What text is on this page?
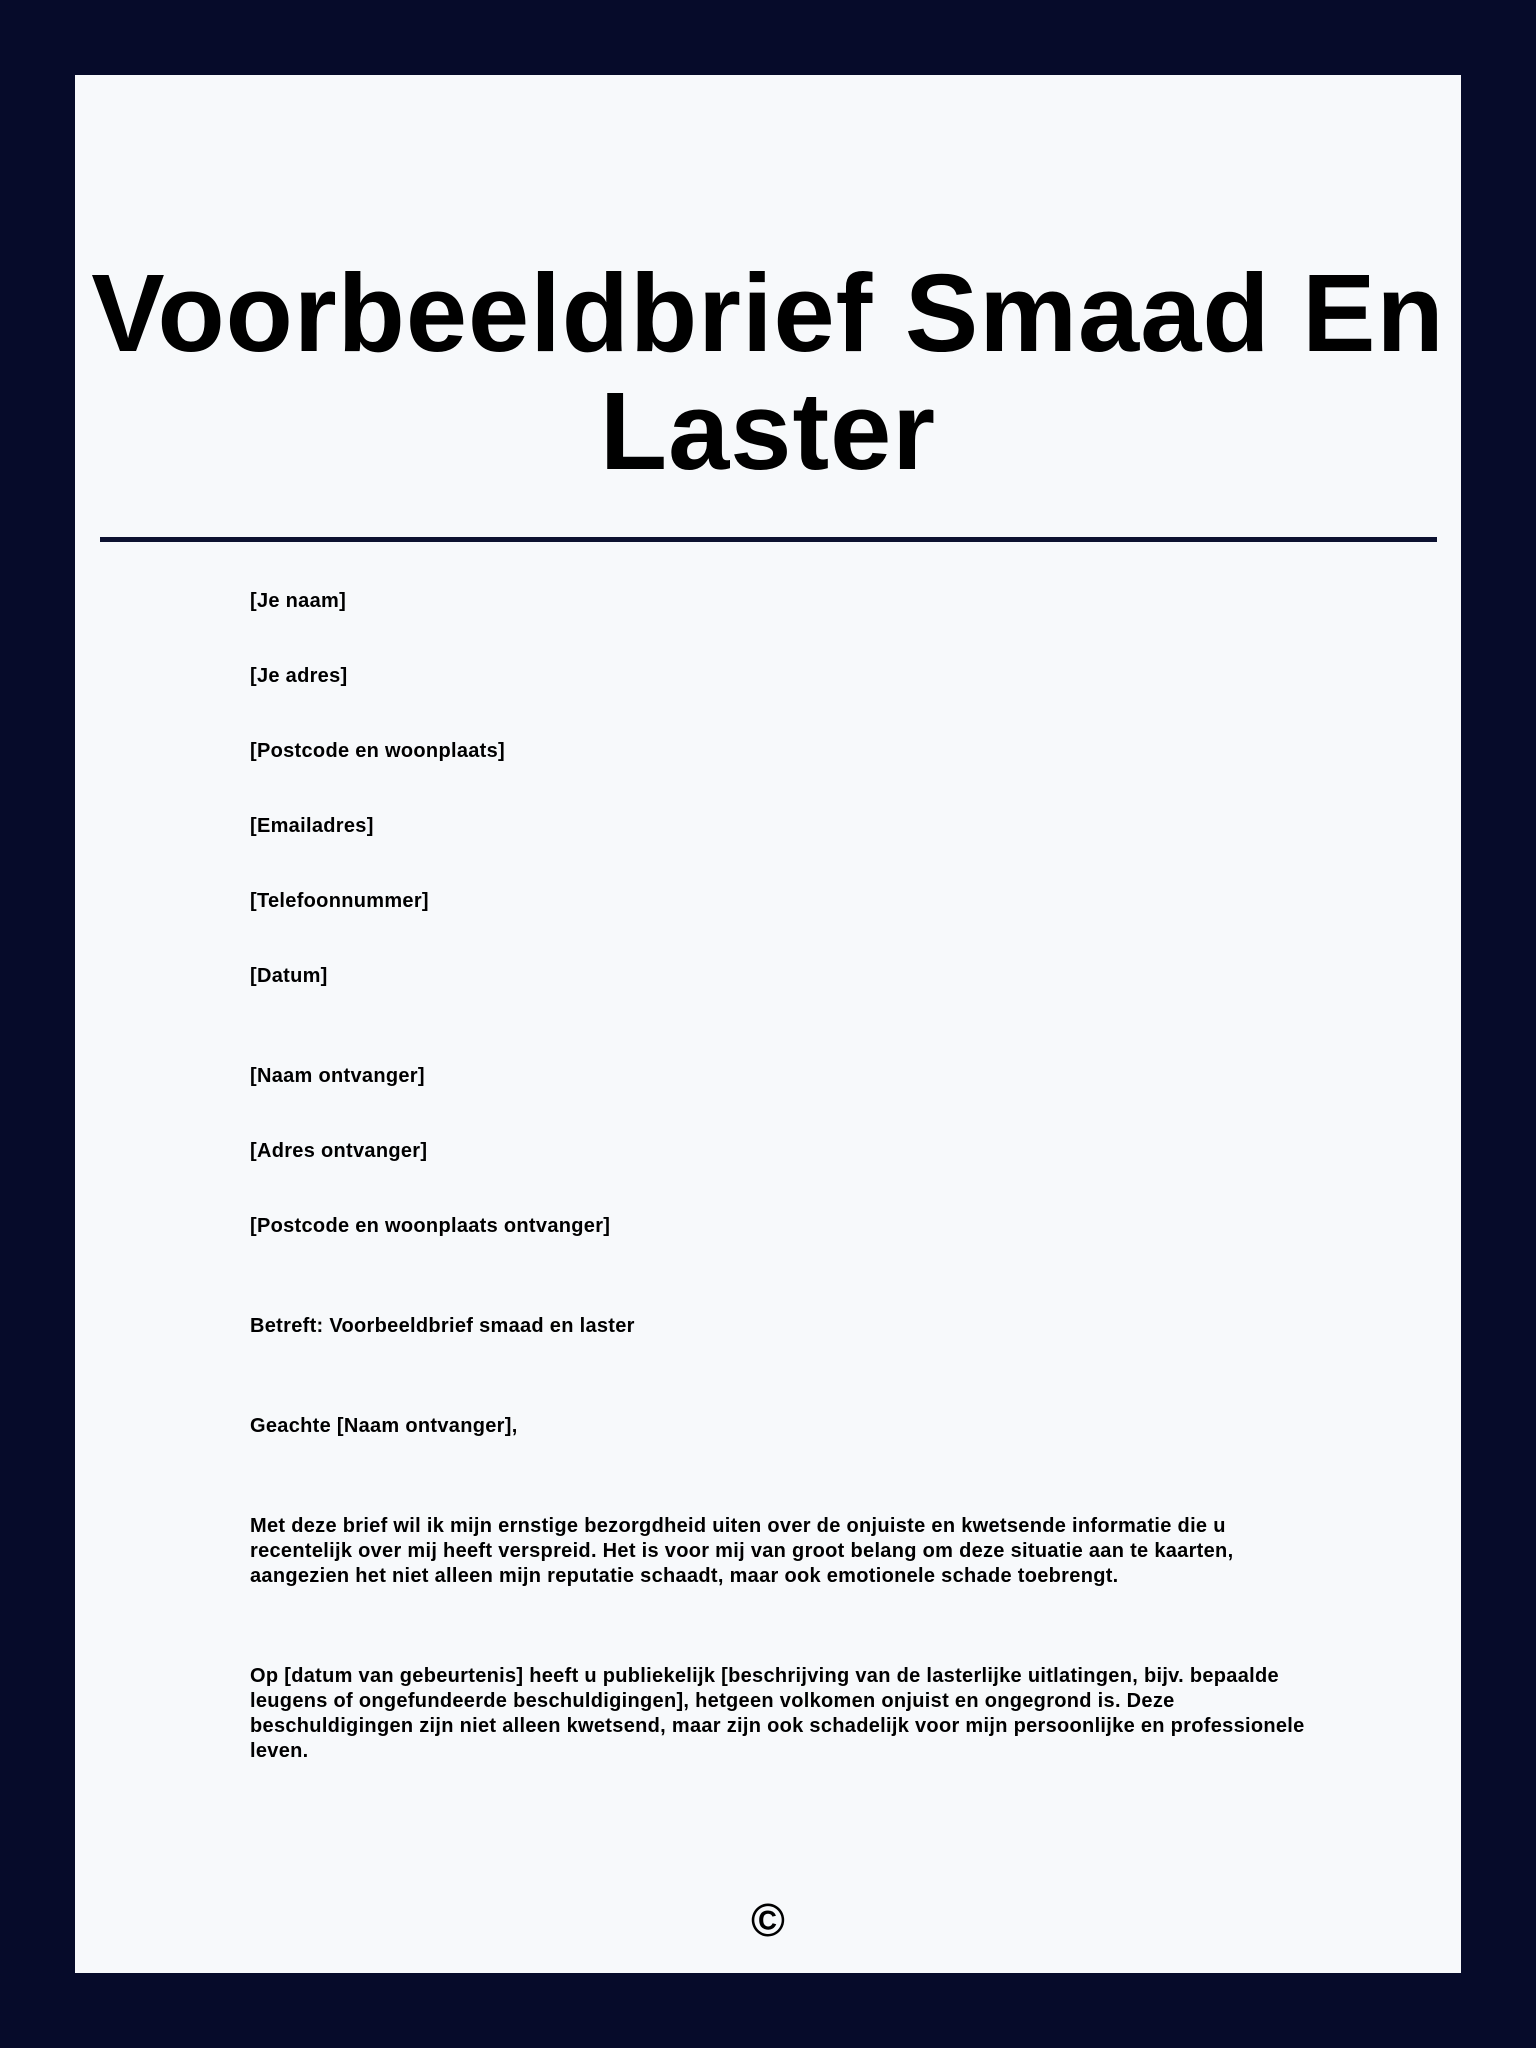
Voorbeeldbrief Smaad En Laster
[Je naam]
[Je adres]
[Postcode en woonplaats]
[Emailadres]
[Telefoonnummer]
[Datum]
[Naam ontvanger]
[Adres ontvanger]
[Postcode en woonplaats ontvanger]
Betreft: Voorbeeldbrief smaad en laster
Geachte [Naam ontvanger],
Met deze brief wil ik mijn ernstige bezorgdheid uiten over de onjuiste en kwetsende informatie die u recentelijk over mij heeft verspreid. Het is voor mij van groot belang om deze situatie aan te kaarten, aangezien het niet alleen mijn reputatie schaadt, maar ook emotionele schade toebrengt.
Op [datum van gebeurtenis] heeft u publiekelijk [beschrijving van de lasterlijke uitlatingen, bijv. bepaalde leugens of ongefundeerde beschuldigingen], hetgeen volkomen onjuist en ongegrond is. Deze beschuldigingen zijn niet alleen kwetsend, maar zijn ook schadelijk voor mijn persoonlijke en professionele leven.
©
